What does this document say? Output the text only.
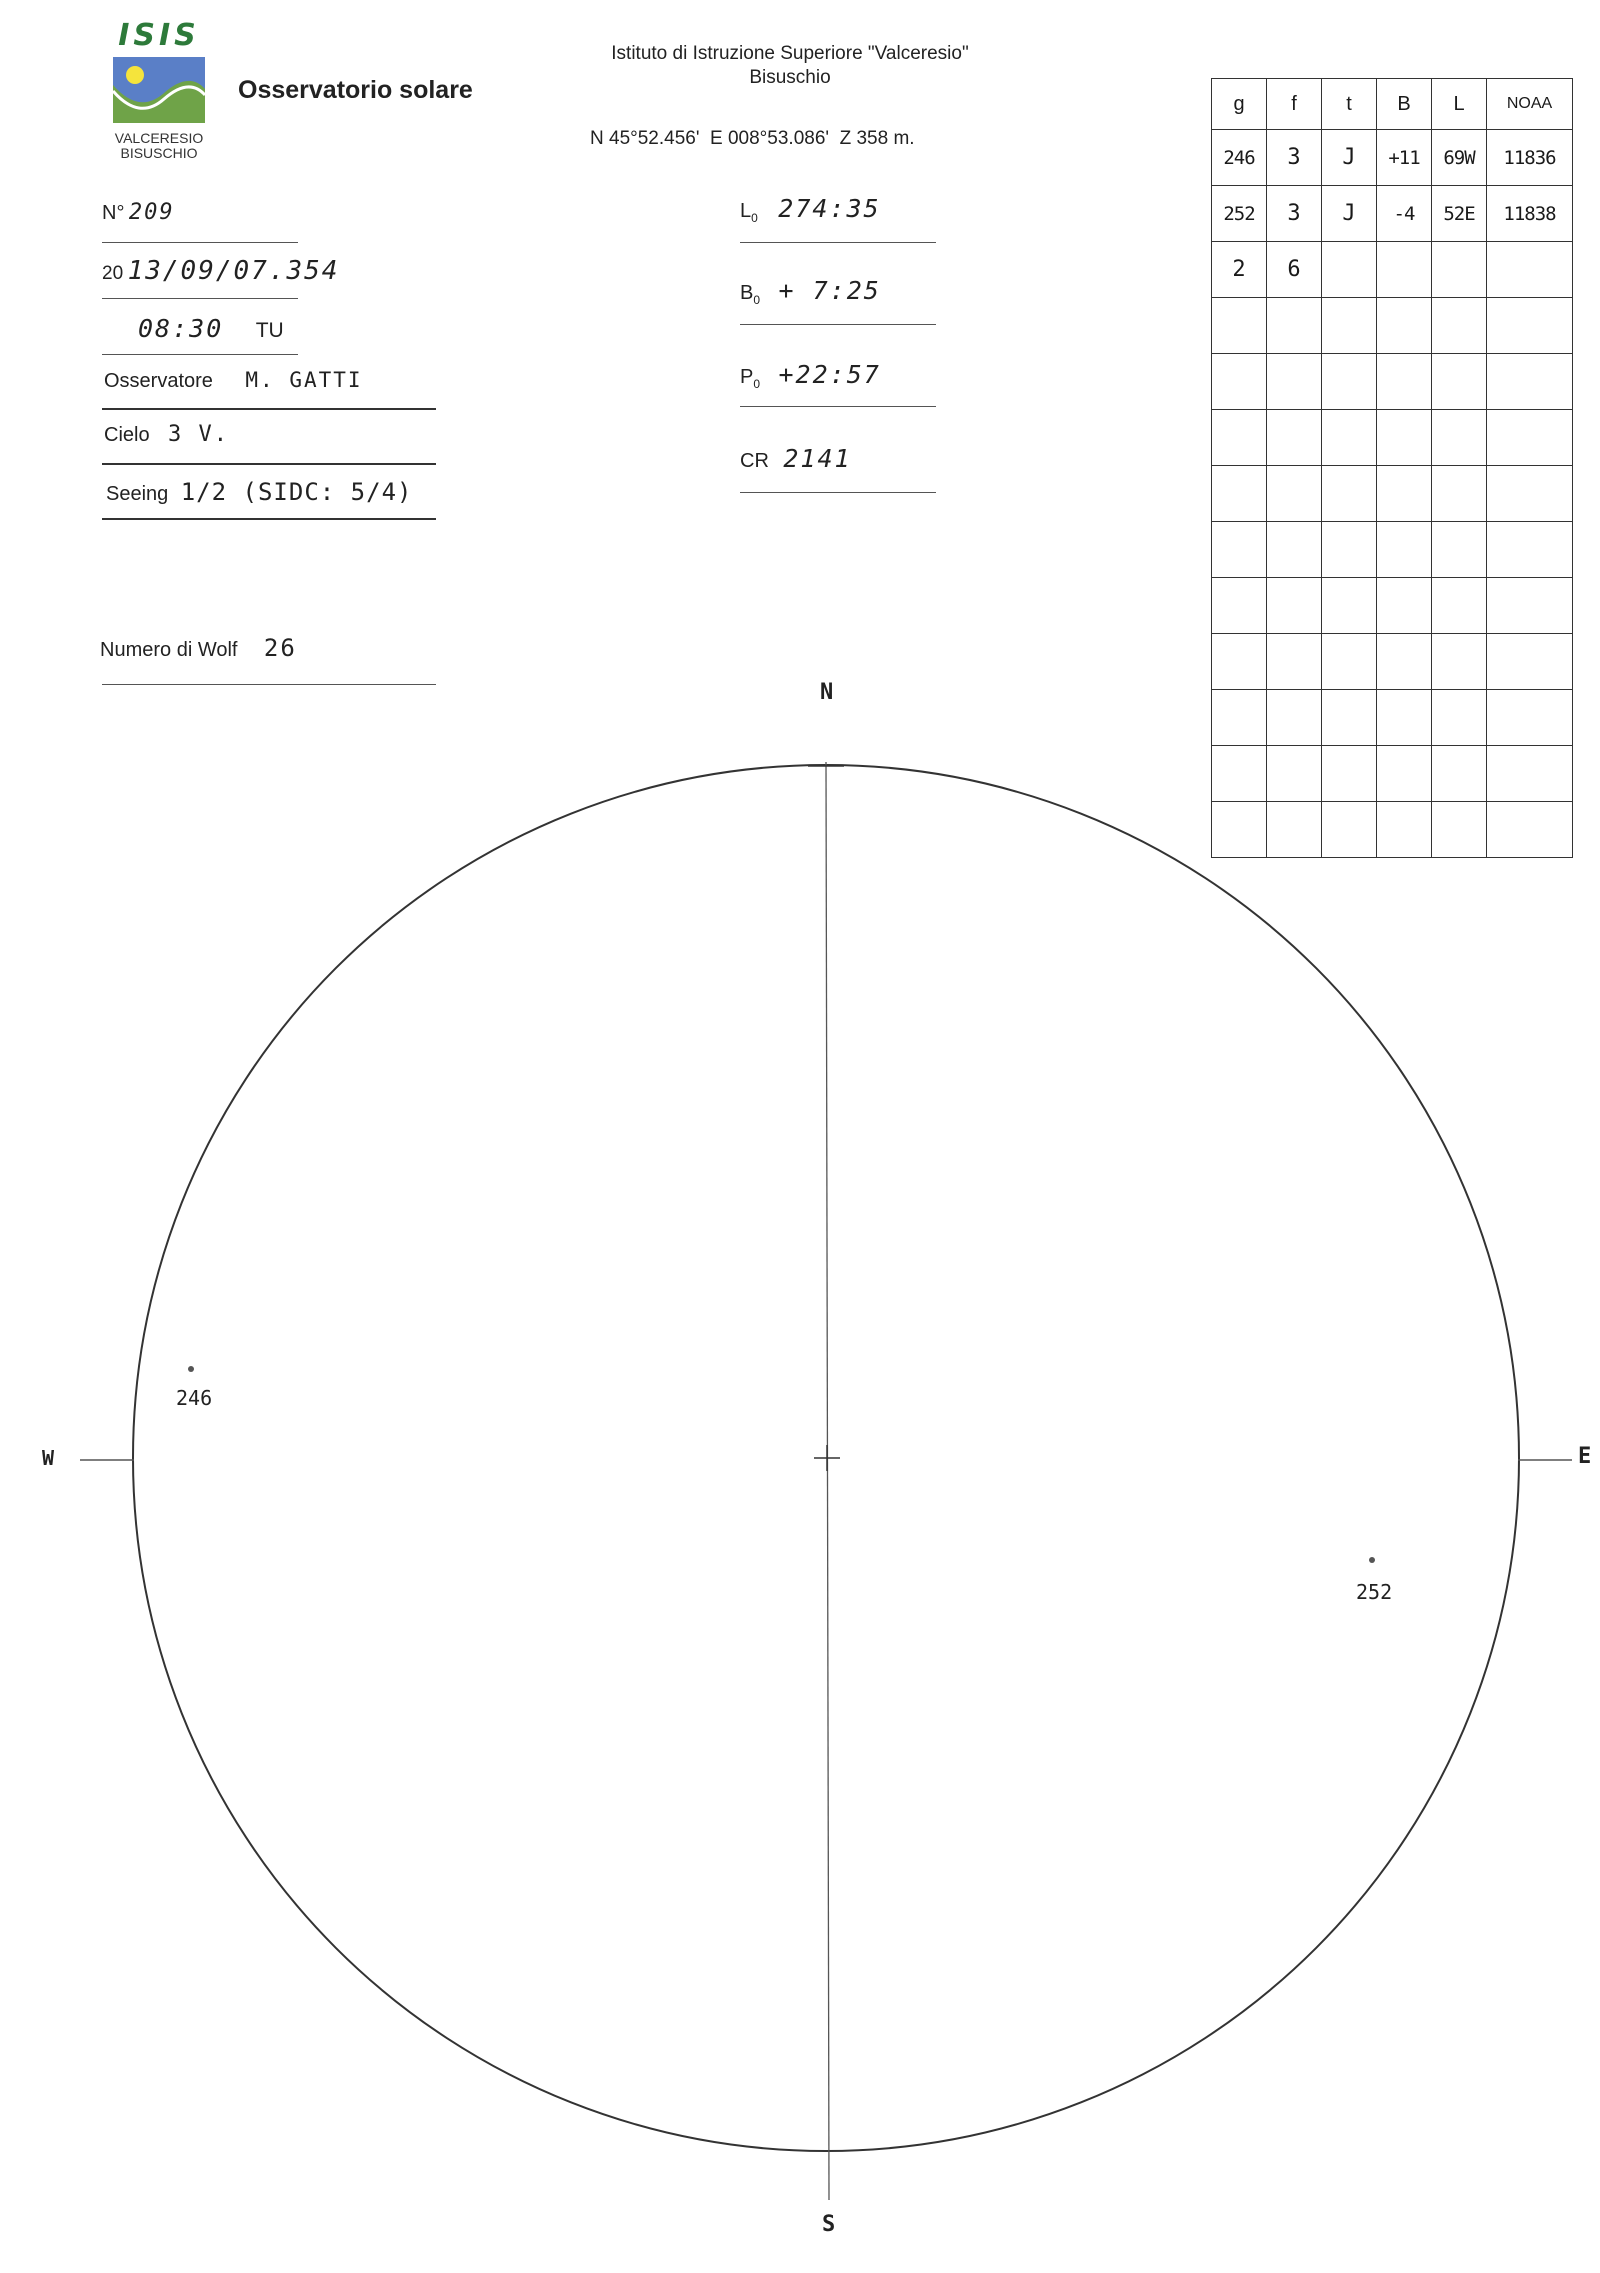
ISIS
VALCERESIO
BISUSCHIO
Osservatorio solare
Istituto di Istruzione Superiore "Valceresio"
Bisuschio
N 45°52.456'  E 008°53.086'  Z 358 m.
N° 209
20 13/09/07.354
08:30 TU
Osservatore M. GATTI
Cielo 3 V.
Seeing 1/2 (SIDC: 5/4)
Numero di Wolf 26
$L_0$ 274:35
$B_0$ + 7:25
$P_0$ +22:57
CR 2141
g	f	t	B	L	NOAA
246	3	J	+11	69W	11836
252	3	J	-4	52E	11838
2	6				

N
S
W	E
246
252
